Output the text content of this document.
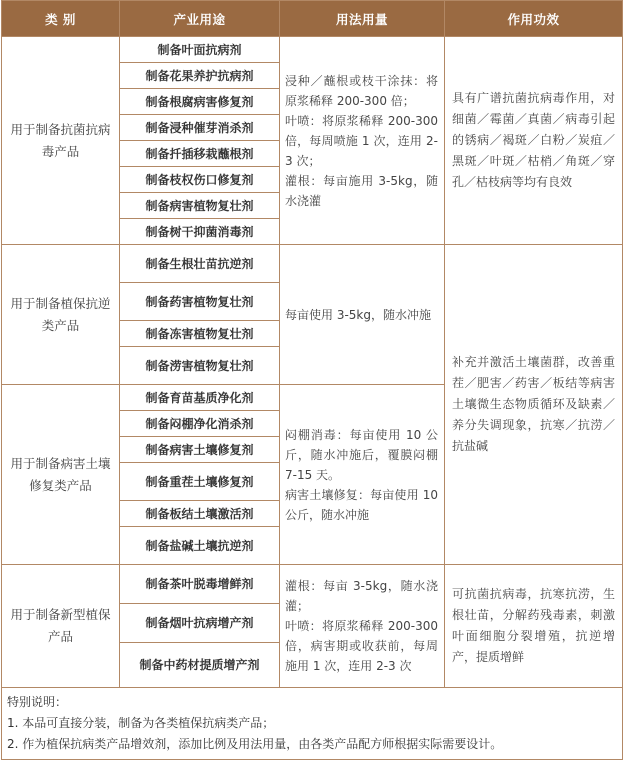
类 别	产业用途	用法用量	作用功效
用于制备抗菌抗病毒产品	制备叶面抗病剂	浸种／蘸根或枝干涂抹：将原浆稀释 200-300 倍；
叶喷：将原浆稀释 200-300 倍，每周喷施 1 次，连用 2-3 次；
灌根：每亩施用 3-5kg，随水浇灌	具有广谱抗菌抗病毒作用，对细菌／霉菌／真菌／病毒引起的锈病／褐斑／白粉／炭疽／黑斑／叶斑／枯梢／角斑／穿孔／枯枝病等均有良效
	制备花果养护抗病剂		
	制备根腐病害修复剂		
	制备浸种催芽消杀剂		
	制备扦插移栽蘸根剂		
	制备枝权伤口修复剂		
	制备病害植物复壮剂		
	制备树干抑菌消毒剂		
用于制备植保抗逆类产品	制备生根壮苗抗逆剂	每亩使用 3-5kg，随水冲施	补充并激活土壤菌群，改善重茬／肥害／药害／板结等病害土壤微生态物质循环及缺素／养分失调现象，抗寒／抗涝／抗盐碱
	制备药害植物复壮剂		
	制备冻害植物复壮剂		
	制备涝害植物复壮剂		
用于制备病害土壤修复类产品	制备育苗基质净化剂	闷棚消毒：每亩使用 10 公斤，随水冲施后，覆膜闷棚 7-15 天。
病害土壤修复：每亩使用 10 公斤，随水冲施	

	制备闷棚净化消杀剂		
	制备病害土壤修复剂		
	制备重茬土壤修复剂		
	制备板结土壤激活剂		
	制备盐碱土壤抗逆剂		
用于制备新型植保产品	制备茶叶脱毒增鲜剂	灌根：每亩 3-5kg，随水浇灌；
叶喷：将原浆稀释 200-300 倍，病害期或收获前，每周施用 1 次，连用 2-3 次	可抗菌抗病毒，抗寒抗涝，生根壮苗，分解药残毒素，刺激叶面细胞分裂增殖，抗逆增产，提质增鲜
	制备烟叶抗病增产剂		
	制备中药材提质增产剂		

特别说明：
1. 本品可直接分装，制备为各类植保抗病类产品；
2. 作为植保抗病类产品增效剂，添加比例及用法用量，由各类产品配方师根据实际需要设计。			
